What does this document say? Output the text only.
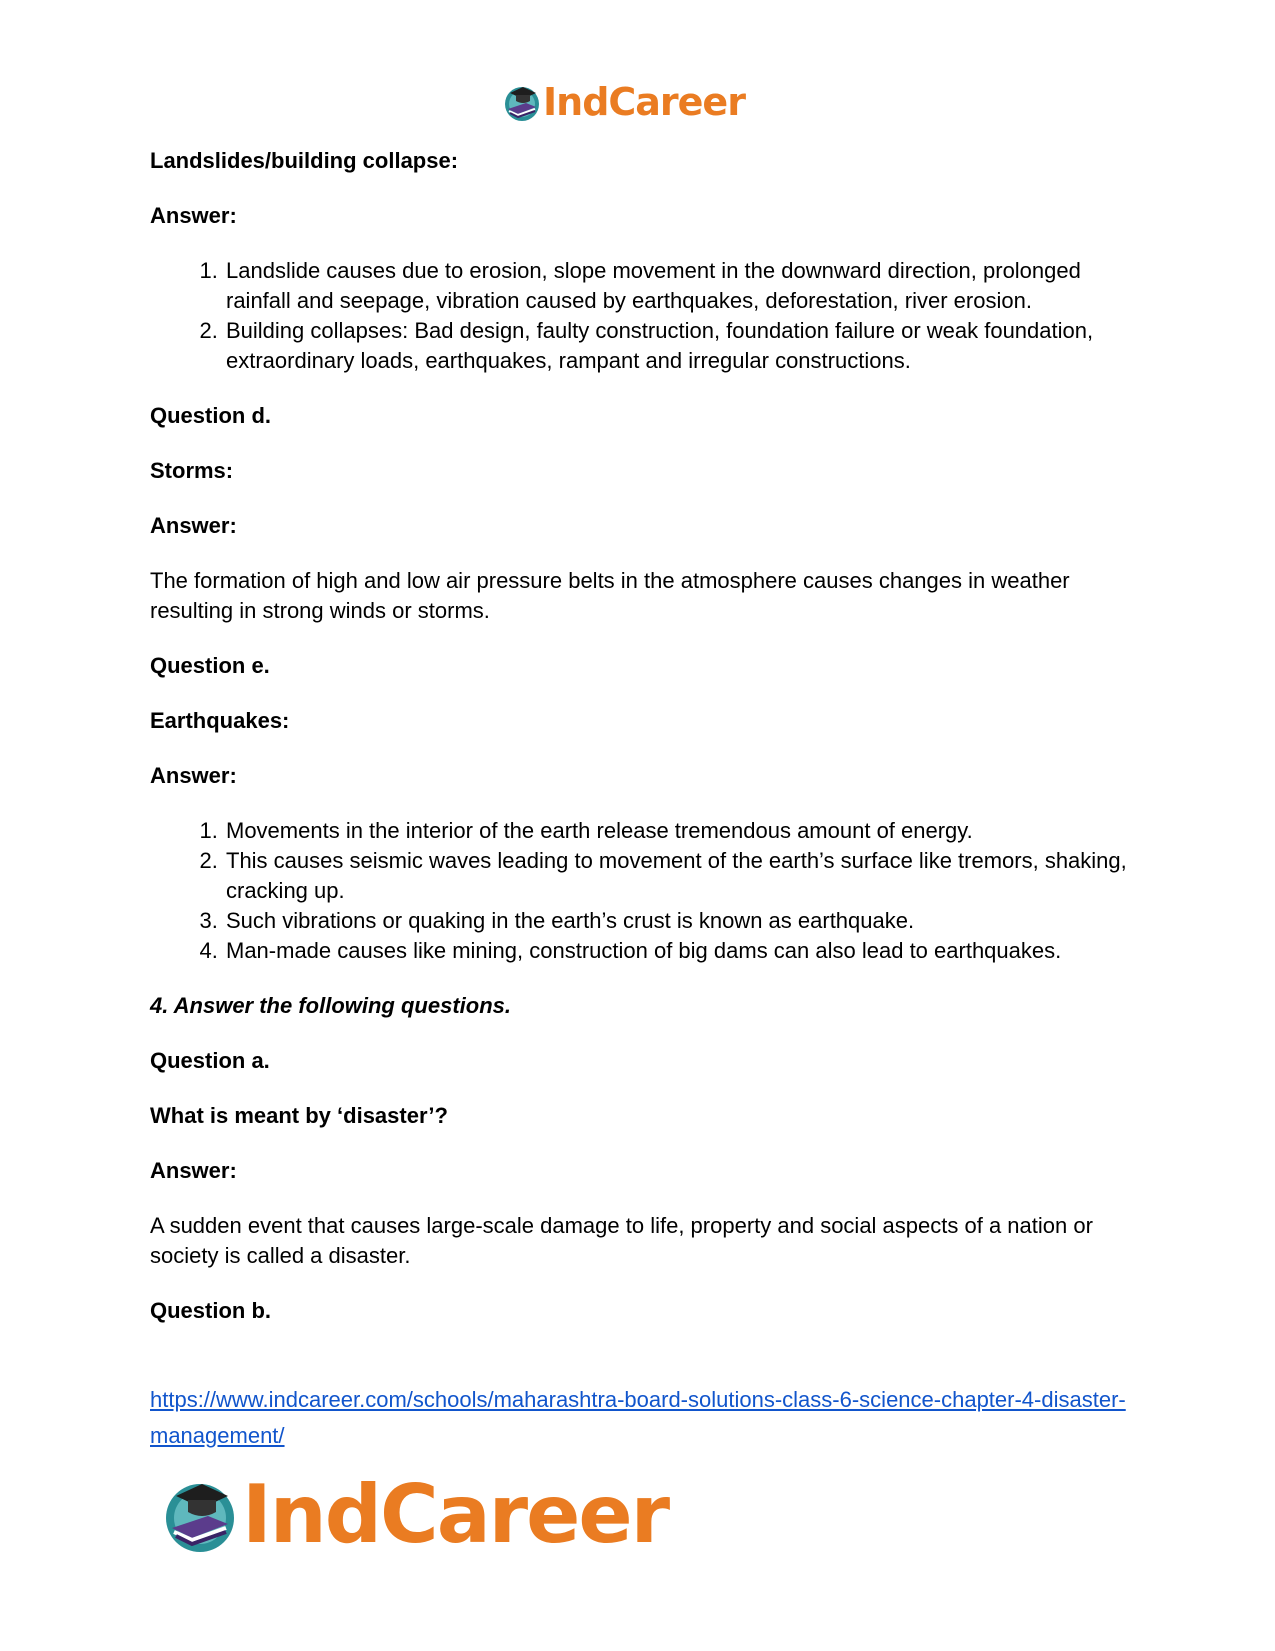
IndCareer

Landslides/building collapse:

Answer:

1. Landslide causes due to erosion, slope movement in the downward direction, prolonged rainfall and seepage, vibration caused by earthquakes, deforestation, river erosion.
2. Building collapses: Bad design, faulty construction, foundation failure or weak foundation, extraordinary loads, earthquakes, rampant and irregular constructions.

Question d.

Storms:

Answer:

The formation of high and low air pressure belts in the atmosphere causes changes in weather resulting in strong winds or storms.

Question e.

Earthquakes:

Answer:

1. Movements in the interior of the earth release tremendous amount of energy.
2. This causes seismic waves leading to movement of the earth’s surface like tremors, shaking, cracking up.
3. Such vibrations or quaking in the earth’s crust is known as earthquake.
4. Man-made causes like mining, construction of big dams can also lead to earthquakes.

4. Answer the following questions.

Question a.

What is meant by ‘disaster’?

Answer:

A sudden event that causes large-scale damage to life, property and social aspects of a nation or society is called a disaster.

Question b.

https://www.indcareer.com/schools/maharashtra-board-solutions-class-6-science-chapter-4-disaster-management/
IndCareer
